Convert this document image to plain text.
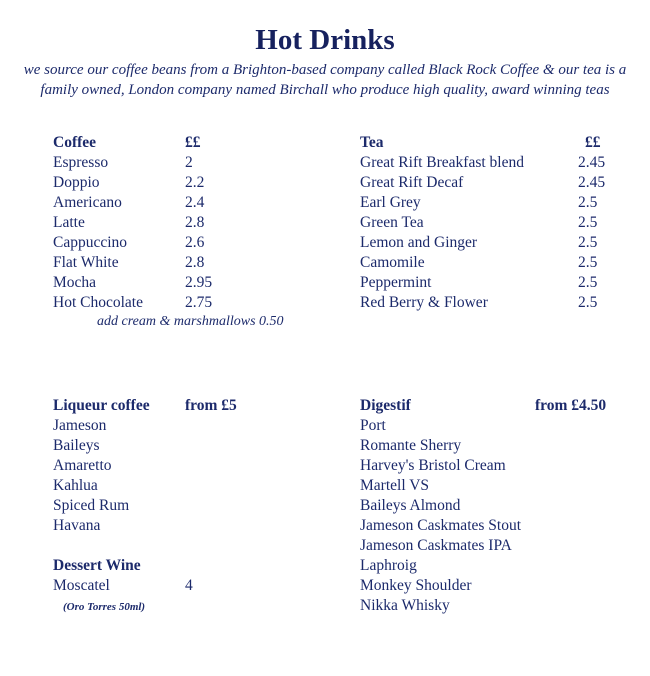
Hot Drinks
we source our coffee beans from a Brighton-based company called Black Rock Coffee & our tea is a
family owned, London company named Birchall who produce high quality, award winning teas
add cream & marshmallows 0.50
(Oro Torres 50ml)
Coffee	££
Espresso	2
Doppio	2.2
Americano	2.4
Latte	2.8
Cappuccino	2.6
Flat White	2.8
Mocha	2.95
Hot Chocolate	2.75
Tea	££
Great Rift Breakfast blend	2.45
Great Rift Decaf	2.45
Earl Grey	2.5
Green Tea	2.5
Lemon and Ginger	2.5
Camomile	2.5
Peppermint	2.5
Red Berry & Flower	2.5
Liqueur coffee from £5
Jameson
Baileys
Amaretto
Kahlua
Spiced Rum
Havana
Dessert Wine
Moscatel	4
Digestif	from £4.50
Port
Romante Sherry
Harvey's Bristol Cream
Martell VS
Baileys Almond
Jameson Caskmates Stout
Jameson Caskmates IPA
Laphroig
Monkey Shoulder
Nikka Whisky
